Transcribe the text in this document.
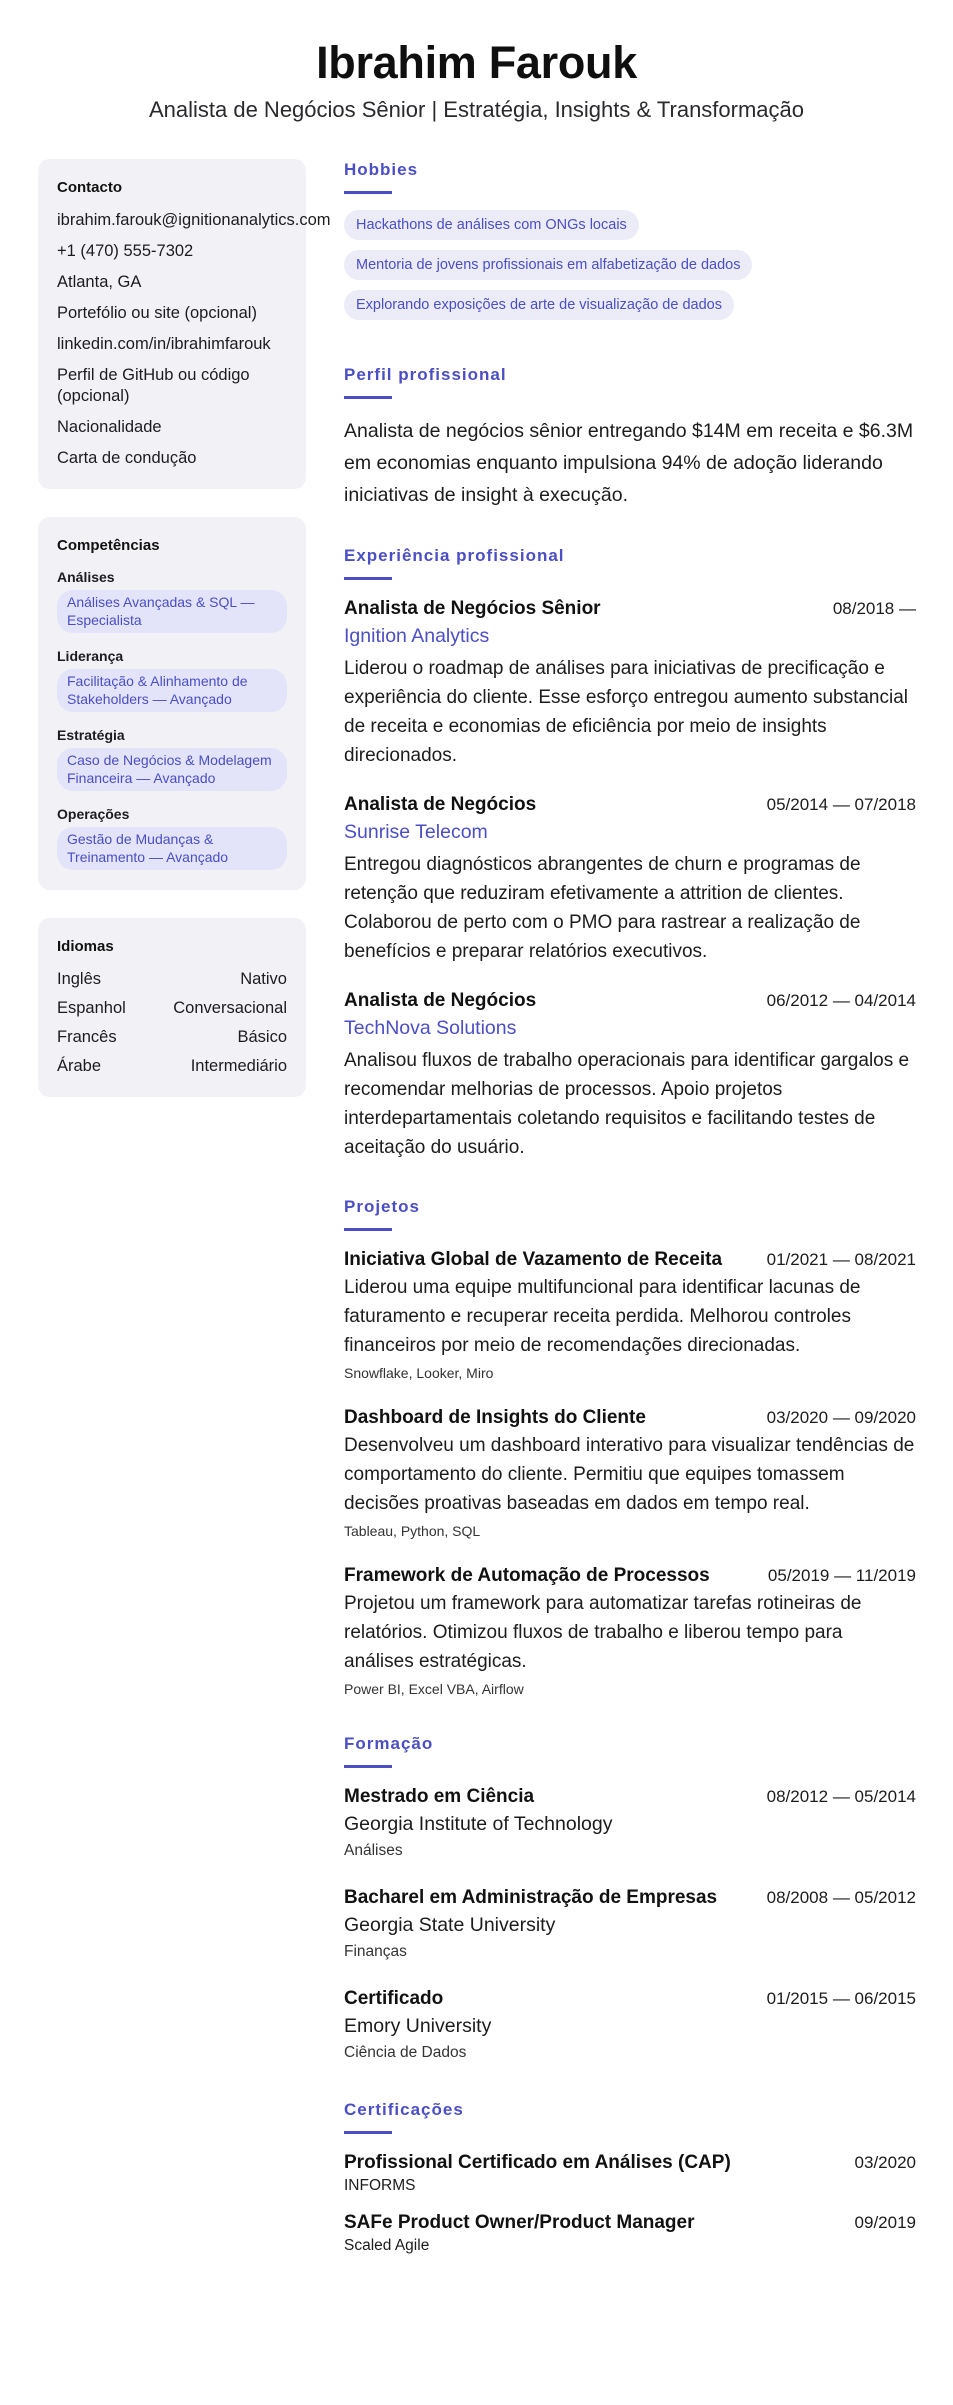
Ibrahim Farouk
Analista de Negócios Sênior | Estratégia, Insights & Transformação
Contacto
ibrahim.farouk@ignitionanalytics.com
+1 (470) 555-7302
Atlanta, GA
Portefólio ou site (opcional)
linkedin.com/in/ibrahimfarouk
Perfil de GitHub ou código (opcional)
Nacionalidade
Carta de condução
Competências
Análises
Análises Avançadas & SQL — Especialista
Liderança
Facilitação & Alinhamento de Stakeholders — Avançado
Estratégia
Caso de Negócios & Modelagem Financeira — Avançado
Operações
Gestão de Mudanças & Treinamento — Avançado
Idiomas
Inglês	Nativo
Espanhol	Conversacional
Francês	Básico
Árabe	Intermediário
Hobbies
Hackathons de análises com ONGs locais
Mentoria de jovens profissionais em alfabetização de dados
Explorando exposições de arte de visualização de dados
Perfil profissional
Analista de negócios sênior entregando $14M em receita e $6.3M em economias enquanto impulsiona 94% de adoção liderando iniciativas de insight à execução.
Experiência profissional
Analista de Negócios Sênior	08/2018 —
Ignition Analytics
Liderou o roadmap de análises para iniciativas de precificação e experiência do cliente. Esse esforço entregou aumento substancial de receita e economias de eficiência por meio de insights direcionados.
Analista de Negócios	05/2014 — 07/2018
Sunrise Telecom
Entregou diagnósticos abrangentes de churn e programas de retenção que reduziram efetivamente a attrition de clientes. Colaborou de perto com o PMO para rastrear a realização de benefícios e preparar relatórios executivos.
Analista de Negócios	06/2012 — 04/2014
TechNova Solutions
Analisou fluxos de trabalho operacionais para identificar gargalos e recomendar melhorias de processos. Apoio projetos interdepartamentais coletando requisitos e facilitando testes de aceitação do usuário.
Projetos
Iniciativa Global de Vazamento de Receita	01/2021 — 08/2021
Liderou uma equipe multifuncional para identificar lacunas de faturamento e recuperar receita perdida. Melhorou controles financeiros por meio de recomendações direcionadas.
Snowflake, Looker, Miro
Dashboard de Insights do Cliente	03/2020 — 09/2020
Desenvolveu um dashboard interativo para visualizar tendências de comportamento do cliente. Permitiu que equipes tomassem decisões proativas baseadas em dados em tempo real.
Tableau, Python, SQL
Framework de Automação de Processos	05/2019 — 11/2019
Projetou um framework para automatizar tarefas rotineiras de relatórios. Otimizou fluxos de trabalho e liberou tempo para análises estratégicas.
Power BI, Excel VBA, Airflow
Formação
Mestrado em Ciência	08/2012 — 05/2014
Georgia Institute of Technology
Análises
Bacharel em Administração de Empresas	08/2008 — 05/2012
Georgia State University
Finanças
Certificado	01/2015 — 06/2015
Emory University
Ciência de Dados
Certificações
Profissional Certificado em Análises (CAP)	03/2020
INFORMS
SAFe Product Owner/Product Manager	09/2019
Scaled Agile
